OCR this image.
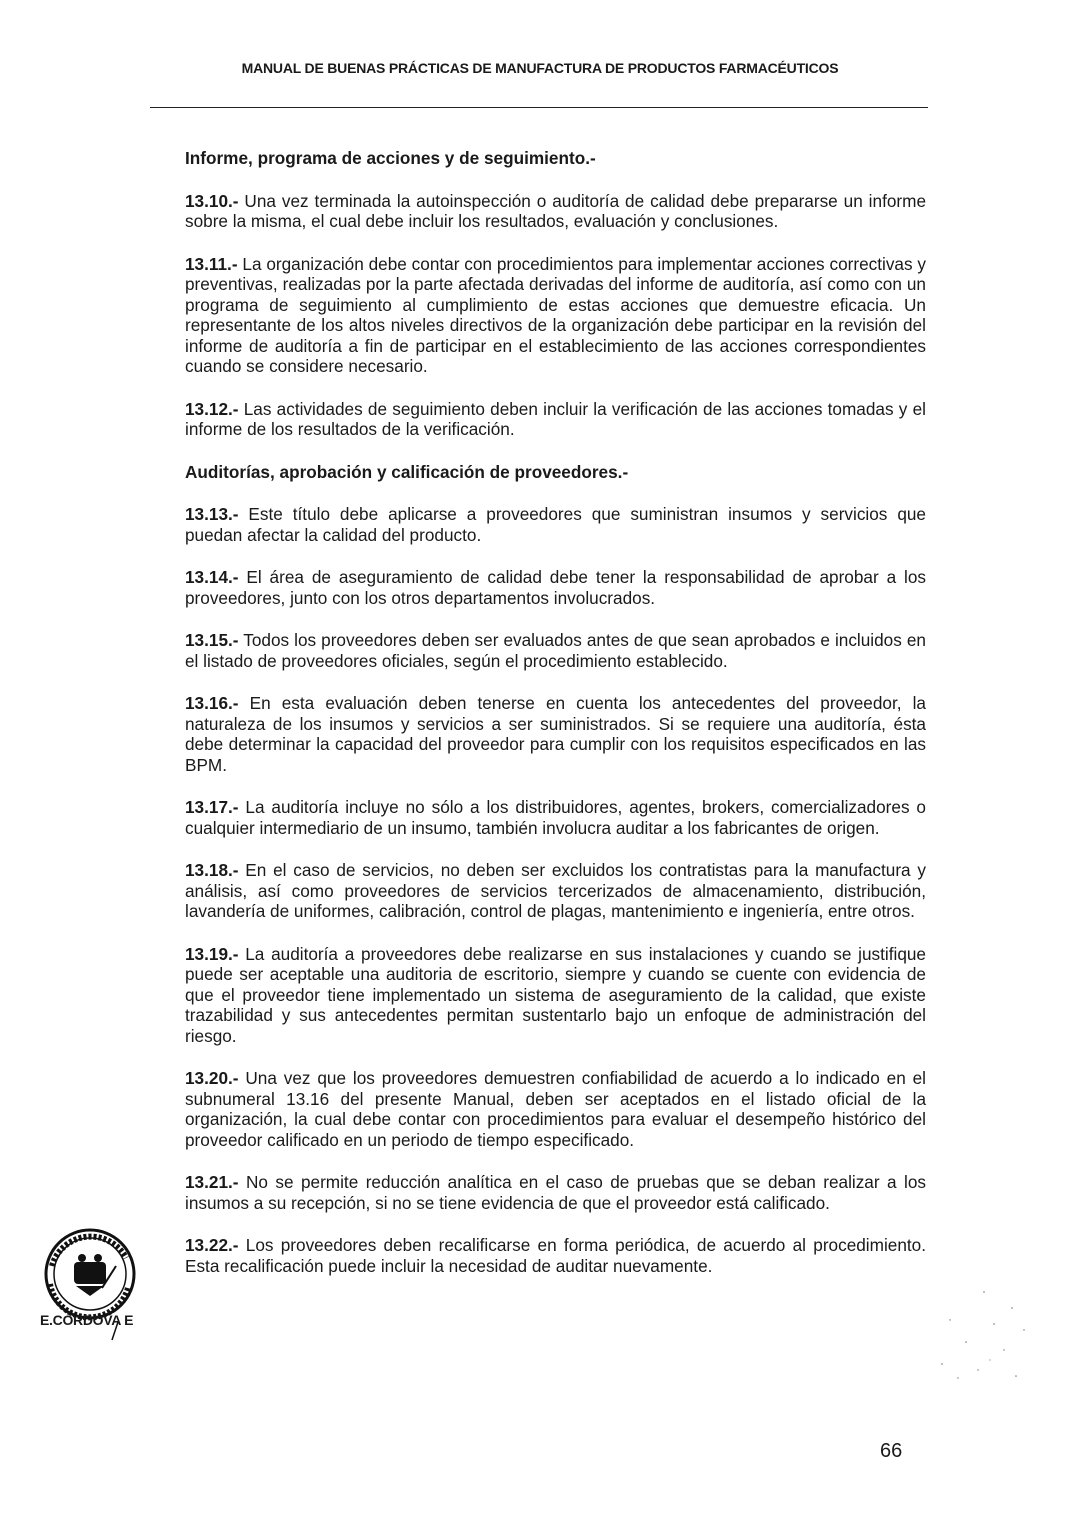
MANUAL DE BUENAS PRÁCTICAS DE MANUFACTURA DE PRODUCTOS FARMACÉUTICOS

Informe, programa de acciones y de seguimiento.-

13.10.- Una vez terminada la autoinspección o auditoría de calidad debe prepararse un informe sobre la misma, el cual debe incluir los resultados, evaluación y conclusiones.

13.11.- La organización debe contar con procedimientos para implementar acciones correctivas y preventivas, realizadas por la parte afectada derivadas del informe de auditoría, así como con un programa de seguimiento al cumplimiento de estas acciones que demuestre eficacia. Un representante de los altos niveles directivos de la organización debe participar en la revisión del informe de auditoría a fin de participar en el establecimiento de las acciones correspondientes cuando se considere necesario.

13.12.- Las actividades de seguimiento deben incluir la verificación de las acciones tomadas y el informe de los resultados de la verificación.

Auditorías, aprobación y calificación de proveedores.-

13.13.- Este título debe aplicarse a proveedores que suministran insumos y servicios que puedan afectar la calidad del producto.

13.14.- El área de aseguramiento de calidad debe tener la responsabilidad de aprobar a los proveedores, junto con los otros departamentos involucrados.

13.15.- Todos los proveedores deben ser evaluados antes de que sean aprobados e incluidos en el listado de proveedores oficiales, según el procedimiento establecido.

13.16.- En esta evaluación deben tenerse en cuenta los antecedentes del proveedor, la naturaleza de los insumos y servicios a ser suministrados. Si se requiere una auditoría, ésta debe determinar la capacidad del proveedor para cumplir con los requisitos especificados en las BPM.

13.17.- La auditoría incluye no sólo a los distribuidores, agentes, brokers, comercializadores o cualquier intermediario de un insumo, también involucra auditar a los fabricantes de origen.

13.18.- En el caso de servicios, no deben ser excluidos los contratistas para la manufactura y análisis, así como proveedores de servicios tercerizados de almacenamiento, distribución, lavandería de uniformes, calibración, control de plagas, mantenimiento e ingeniería, entre otros.

13.19.- La auditoría a proveedores debe realizarse en sus instalaciones y cuando se justifique puede ser aceptable una auditoria de escritorio, siempre y cuando se cuente con evidencia de que el proveedor tiene implementado un sistema de aseguramiento de la calidad, que existe trazabilidad y sus antecedentes permitan sustentarlo bajo un enfoque de administración del riesgo.

13.20.- Una vez que los proveedores demuestren confiabilidad de acuerdo a lo indicado en el subnumeral 13.16 del presente Manual, deben ser aceptados en el listado oficial de la organización, la cual debe contar con procedimientos para evaluar el desempeño histórico del proveedor calificado en un periodo de tiempo especificado.

13.21.- No se permite reducción analítica en el caso de pruebas que se deban realizar a los insumos a su recepción, si no se tiene evidencia de que el proveedor está calificado.

13.22.- Los proveedores deben recalificarse en forma periódica, de acuerdo al procedimiento. Esta recalificación puede incluir la necesidad de auditar nuevamente.

E.CÓRDOVA E
66
